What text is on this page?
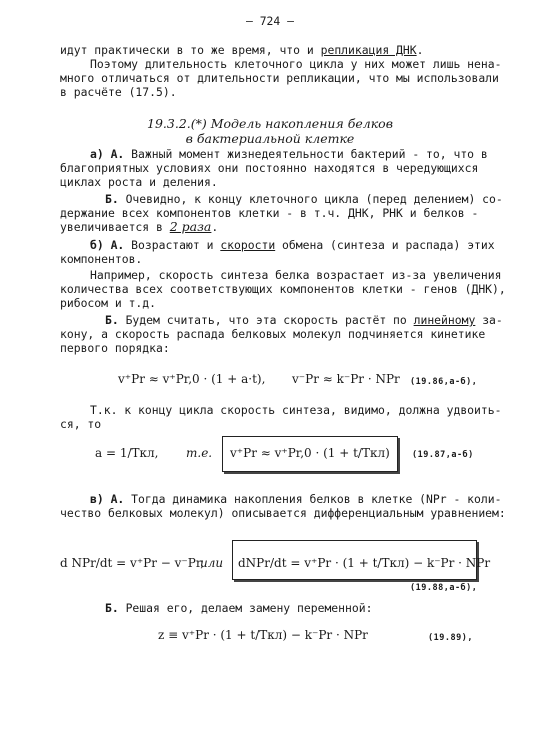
– 724 –
идут практически в то же время, что и репликация ДНК.
Поэтому длительность клеточного цикла у них может лишь нена-
много отличаться от длительности репликации, что мы использовали
в расчёте (17.5).
19.3.2.(*) Модель накопления белков
в бактериальной клетке
а) А. Важный момент жизнедеятельности бактерий - то, что в
благоприятных условиях они постоянно находятся в чередующихся
циклах роста и деления.
Б. Очевидно, к концу клеточного цикла (перед делением) со-
держание всех компонентов клетки - в т.ч. ДНК, РНК и белков -
увеличивается в 2 раза.
б) А. Возрастают и скорости обмена (синтеза и распада) этих
компонентов.
Например, скорость синтеза белка возрастает из-за увеличения
количества всех соответствующих компонентов клетки - генов (ДНК),
рибосом и т.д.
Б. Будем считать, что эта скорость растёт по линейному за-
кону, а скорость распада белковых молекул подчиняется кинетике
первого порядка:
v⁺Pr ≈ v⁺Pr,0 · (1 + a·t), v⁻Pr ≈ k⁻Pr · NPr (19.86,а-б),
Т.к. к концу цикла скорость синтеза, видимо, должна удвоить-
ся, то
a = 1/Tкл, т.е. v⁺Pr ≈ v⁺Pr,0 · (1 + t/Tкл)	(19.87,а-б)
в) А. Тогда динамика накопления белков в клетке (NPr - коли-
чество белковых молекул) описывается дифференциальным уравнением:
d NPr/dt = v⁺Pr − v⁻Pr,
или dNPr/dt = v⁺Pr · (1 + t/Tкл) − k⁻Pr · NPr
(19.88,а-б),
Б. Решая его, делаем замену переменной:
z ≡ v⁺Pr · (1 + t/Tкл) − k⁻Pr · NPr	(19.89),
